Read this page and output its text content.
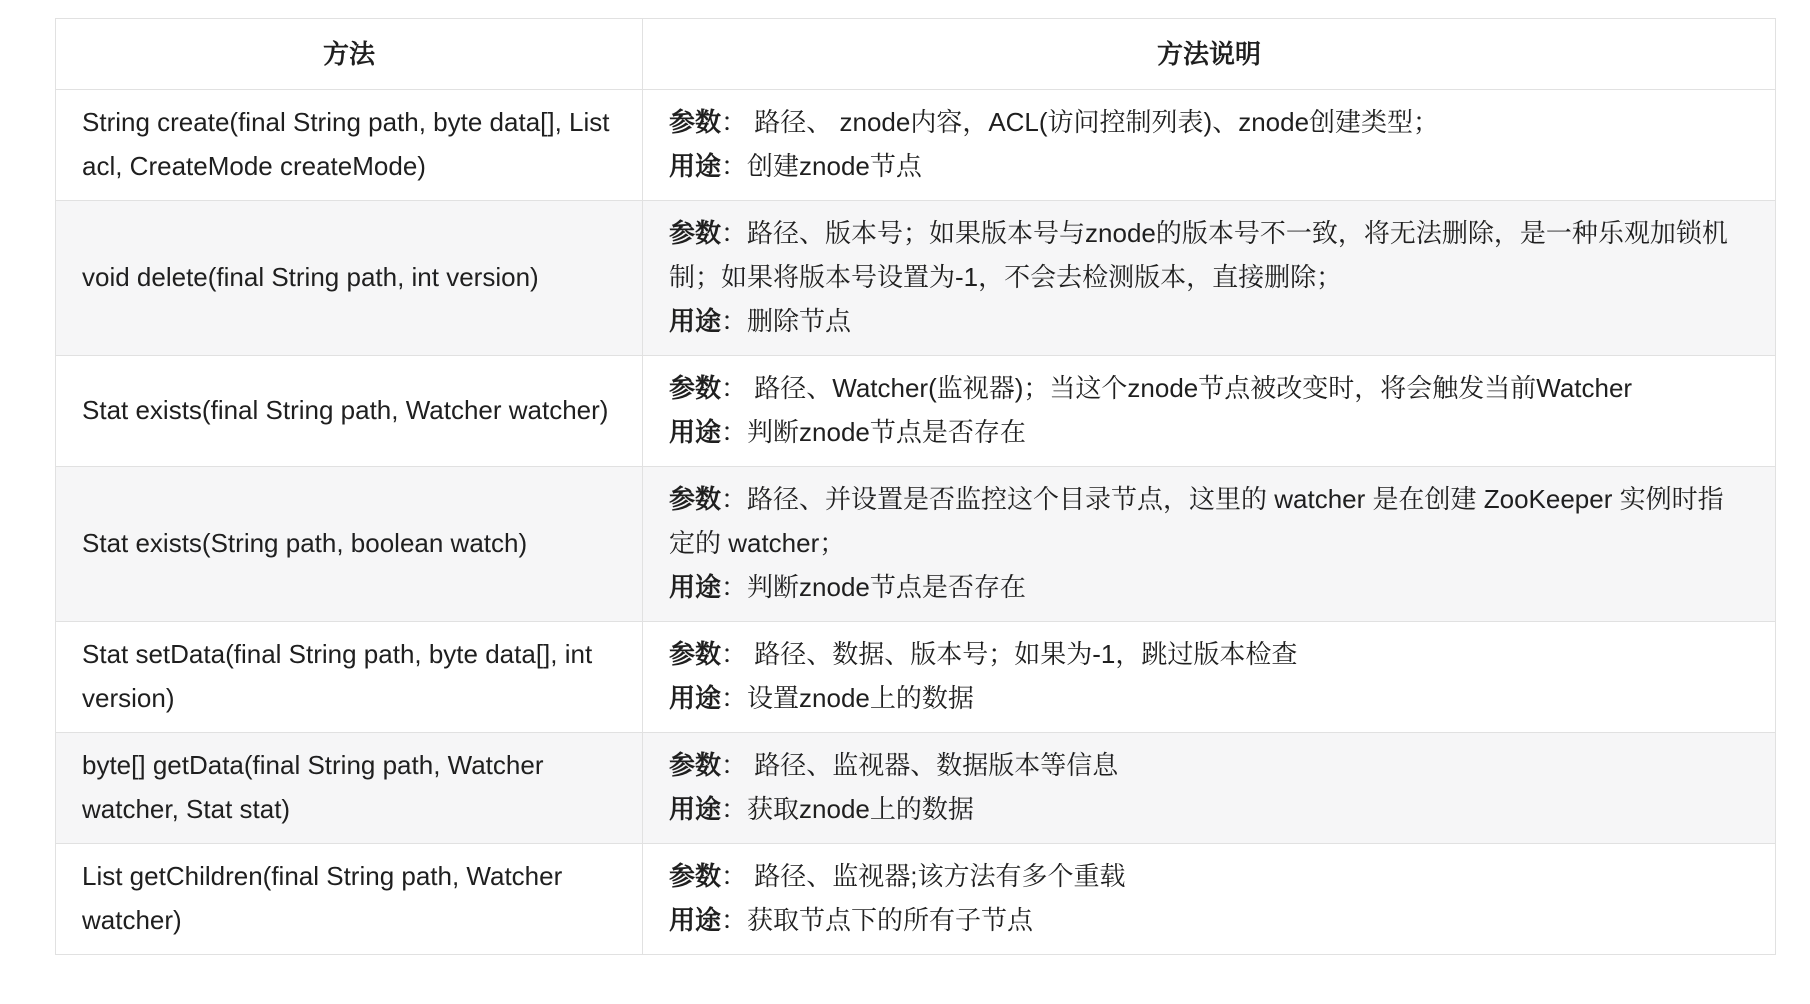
方法	方法说明
String create(final String path, byte data[], List acl, CreateMode createMode)	参数： 路径、 znode内容，ACL(访问控制列表)、znode创建类型；
用途：创建znode节点

void delete(final String path, int version)	参数：路径、版本号；如果版本号与znode的版本号不一致，将无法删除，是一种乐观加锁机制；如果将版本号设置为-1，不会去检测版本，直接删除；
用途：删除节点

Stat exists(final String path, Watcher watcher)	参数： 路径、Watcher(监视器)；当这个znode节点被改变时，将会触发当前Watcher
用途：判断znode节点是否存在

Stat exists(String path, boolean watch)	参数：路径、并设置是否监控这个目录节点，这里的 watcher 是在创建 ZooKeeper 实例时指定的 watcher；
用途：判断znode节点是否存在

Stat setData(final String path, byte data[], int version)	参数： 路径、数据、版本号；如果为-1，跳过版本检查
用途：设置znode上的数据

byte[] getData(final String path, Watcher watcher, Stat stat)	参数： 路径、监视器、数据版本等信息
用途：获取znode上的数据

List getChildren(final String path, Watcher watcher)	参数： 路径、监视器;该方法有多个重载
用途：获取节点下的所有子节点
